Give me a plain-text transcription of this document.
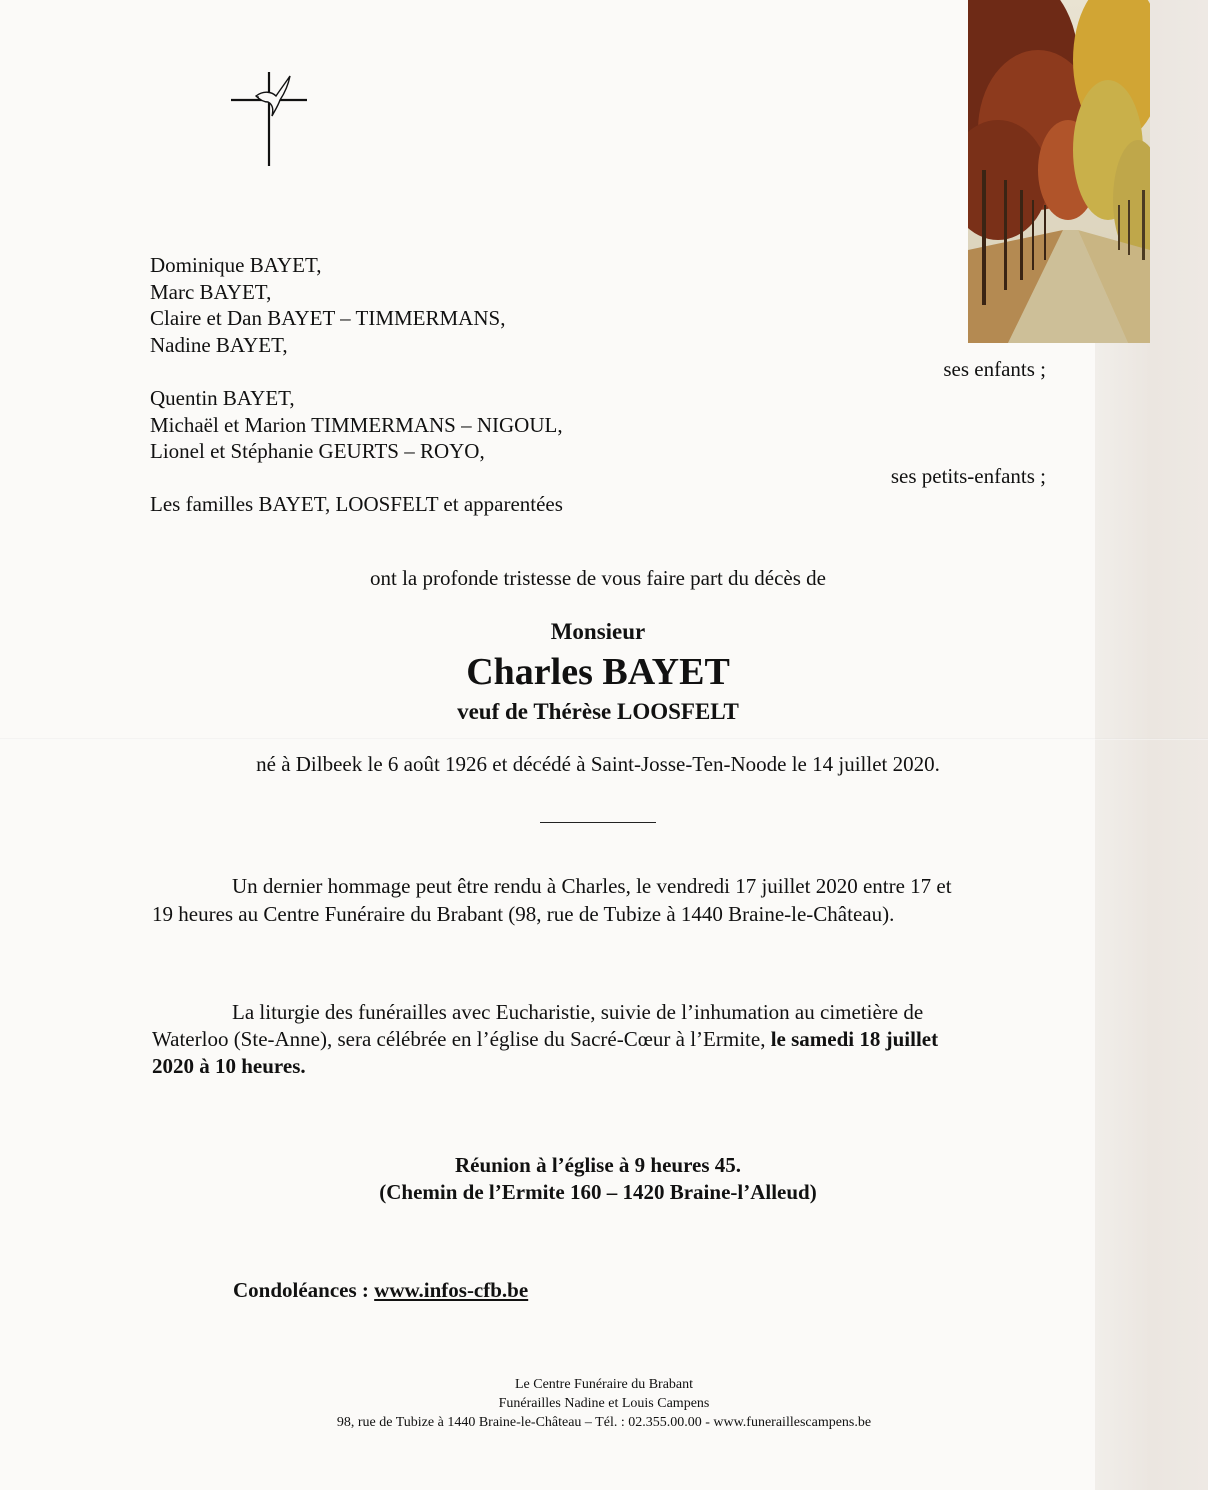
Dominique BAYET,
Marc BAYET,
Claire et Dan BAYET – TIMMERMANS,
Nadine BAYET,
ses enfants ;
Quentin BAYET,
Michaël et Marion TIMMERMANS – NIGOUL,
Lionel et Stéphanie GEURTS – ROYO,
ses petits-enfants ;
Les familles BAYET, LOOSFELT et apparentées
ont la profonde tristesse de vous faire part du décès de
Monsieur
Charles BAYET
veuf de Thérèse LOOSFELT
né à Dilbeek le 6 août 1926 et décédé à Saint-Josse-Ten-Noode le 14 juillet 2020.
Un dernier hommage peut être rendu à Charles, le vendredi 17 juillet 2020 entre 17 et
19 heures au Centre Funéraire du Brabant (98, rue de Tubize à 1440 Braine-le-Château).
La liturgie des funérailles avec Eucharistie, suivie de l’inhumation au cimetière de
Waterloo (Ste-Anne), sera célébrée en l’église du Sacré-Cœur à l’Ermite, le samedi 18 juillet
2020 à 10 heures.
Réunion à l’église à 9 heures 45.
(Chemin de l’Ermite 160 – 1420 Braine-l’Alleud)
Condoléances : www.infos-cfb.be
Le Centre Funéraire du Brabant
Funérailles Nadine et Louis Campens
98, rue de Tubize à 1440 Braine-le-Château – Tél. : 02.355.00.00 - www.funeraillescampens.be
